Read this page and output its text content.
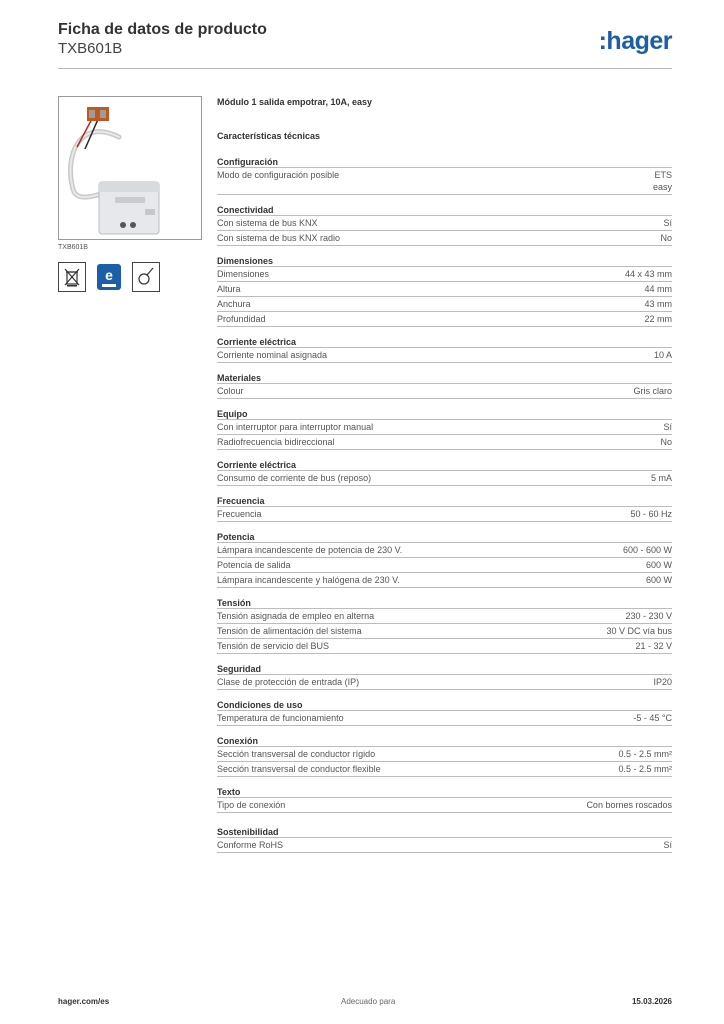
Ficha de datos de producto
TXB601B	:hager
TXB601B
e
Módulo 1 salida empotrar, 10A, easy
Características técnicas
Configuración
Modo de configuración posible	ETS
easy
Conectividad
Con sistema de bus KNX	Sí
Con sistema de bus KNX radio	No
Dimensiones
Dimensiones	44 x 43 mm
Altura	44 mm
Anchura	43 mm
Profundidad	22 mm
Corriente eléctrica
Corriente nominal asignada	10 A
Materiales
Colour	Gris claro
Equipo
Con interruptor para interruptor manual	Sí
Radiofrecuencia bidireccional	No
Corriente eléctrica
Consumo de corriente de bus (reposo)	5 mA
Frecuencia
Frecuencia	50 - 60 Hz
Potencia
Lámpara incandescente de potencia de 230 V.	600 - 600 W
Potencia de salida	600 W
Lámpara incandescente y halógena de 230 V.	600 W
Tensión
Tensión asignada de empleo en alterna	230 - 230 V
Tensión de alimentación del sistema	30 V DC vía bus
Tensión de servicio del BUS	21 - 32 V
Seguridad
Clase de protección de entrada (IP)	IP20
Condiciones de uso
Temperatura de funcionamiento	-5 - 45 °C
Conexión
Sección transversal de conductor rígido	0.5 - 2.5 mm²
Sección transversal de conductor flexible	0.5 - 2.5 mm²
Texto
Tipo de conexión	Con bornes roscados
Sostenibilidad
Conforme RoHS	Sí
hager.com/es	Adecuado para	15.03.2026
